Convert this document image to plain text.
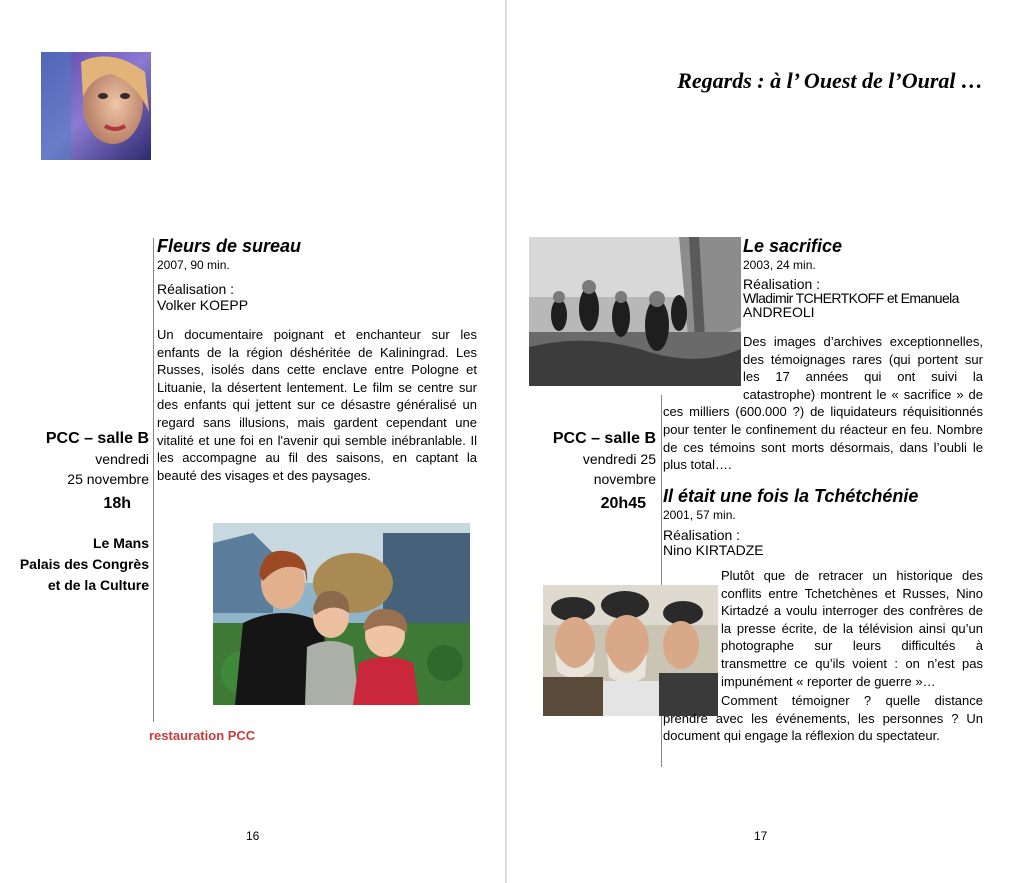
Fleurs de sureau
2007, 90 min.
Réalisation :
Volker KOEPP
Un documentaire poignant et enchanteur sur les enfants de la région déshéritée de Kaliningrad. Les Russes, isolés dans cette enclave entre Pologne et Lituanie, la désertent lentement. Le film se centre sur des enfants qui jettent sur ce désastre généralisé un regard sans illusions, mais gardent cependant une vitalité et une foi en l'avenir qui semble inébranlable. Il les accompagne au fil des saisons, en captant la beauté des visages et des paysages.
PCC – salle B
vendredi
25 novembre
18h
Le Mans
Palais des Congrès
et de la Culture
restauration PCC
16
Regards : à l’ Ouest de l’Oural …
Le sacrifice
2003, 24 min.
Réalisation :
Wladimir TCHERTKOFF et Emanuela
ANDREOLI
Des images d’archives exceptionnelles, des témoignages rares (qui portent sur les 17 années qui ont suivi la catastrophe) montrent le « sacrifice » de ces milliers (600.000 ?) de liquidateurs réquisitionnés pour tenter le confinement du réacteur en feu. Nombre de ces témoins sont morts désormais, dans l’oubli le plus total….
PCC – salle B
vendredi 25
novembre
20h45 Il était une fois la Tchétchénie
2001, 57 min.
Réalisation :
Nino KIRTADZE
Plutôt que de retracer un historique des conflits entre Tchetchènes et Russes, Nino Kirtadzé a voulu interroger des confrères de la presse écrite, de la télévision ainsi qu’un photographe sur leurs difficultés à transmettre ce qu’ils voient : on n’est pas impunément « reporter de guerre »…
Comment témoigner ? quelle distance prendre avec les événements, les personnes ? Un document qui engage la réflexion du spectateur.
17
